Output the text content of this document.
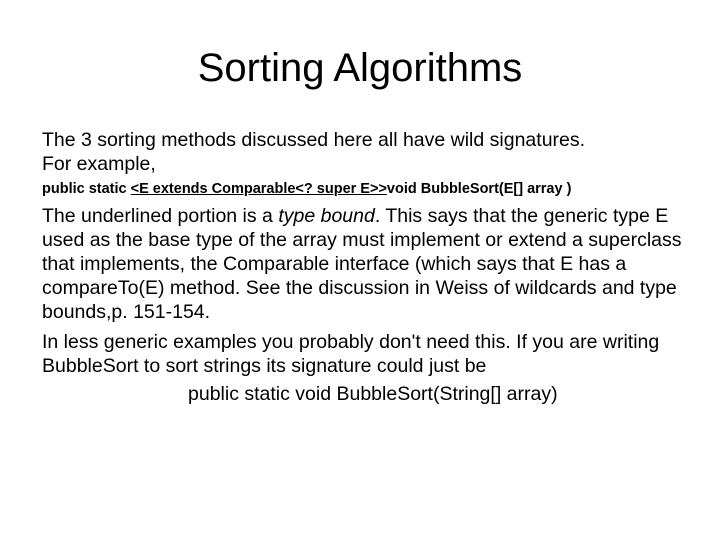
Sorting Algorithms

The 3 sorting methods discussed here all have wild signatures.
For example,

public static <E extends Comparable<? super E>>void BubbleSort(E[] array )

The underlined portion is a type bound. This says that the generic type E used as the base type of the array must implement or extend a superclass that implements, the Comparable interface (which says that E has a compareTo(E) method. See the discussion in Weiss of wildcards and type bounds,p. 151-154.

In less generic examples you probably don't need this. If you are writing BubbleSort to sort strings its signature could just be

public static void BubbleSort(String[] array)
